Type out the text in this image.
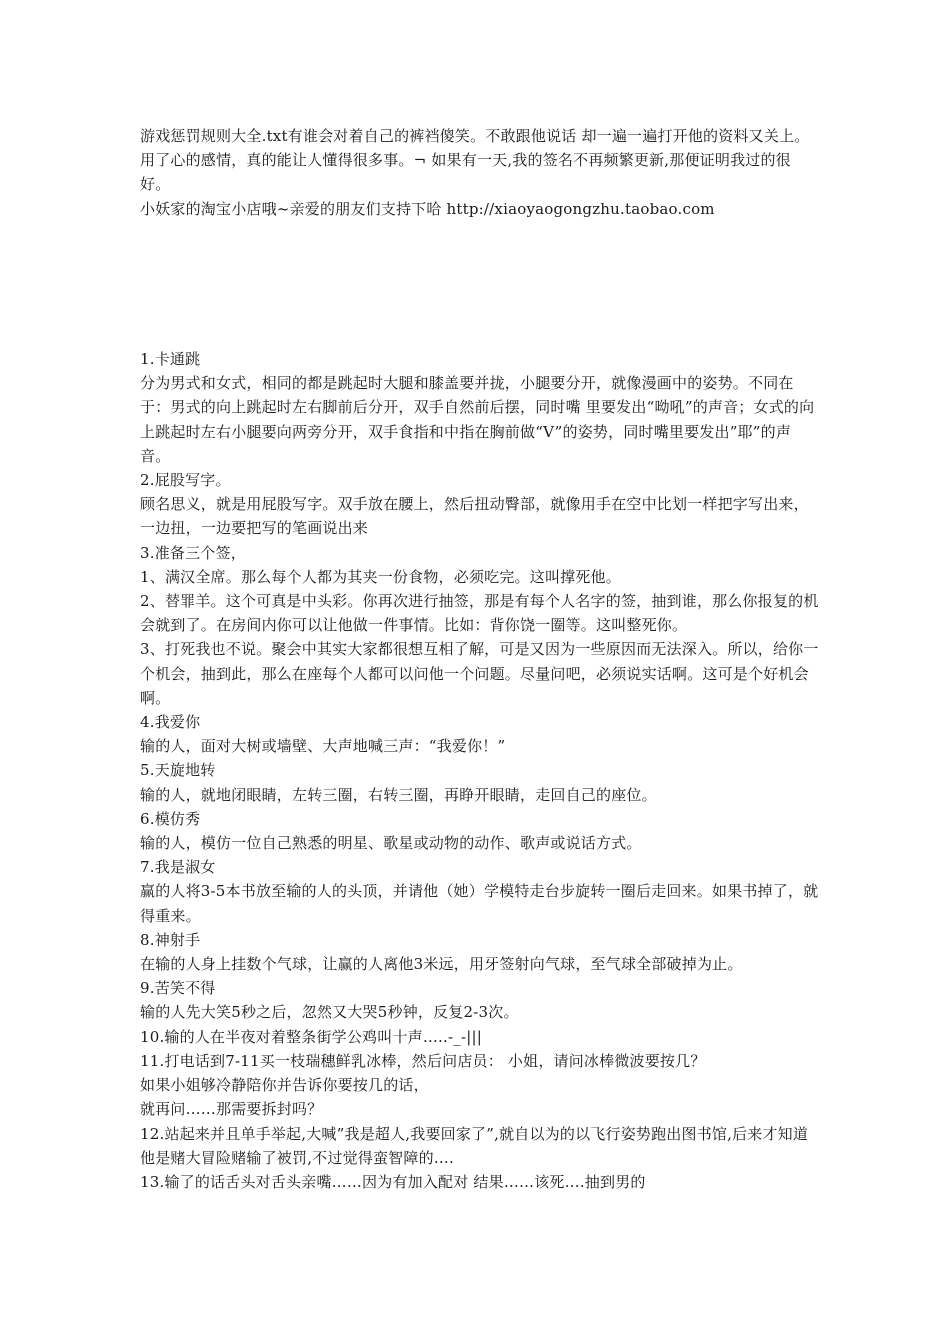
游戏惩罚规则大全.txt有谁会对着自己的裤裆傻笑。不敢跟他说话 却一遍一遍打开他的资料又关上。用了心的感情，真的能让人懂得很多事。¬ 如果有一天,我的签名不再频繁更新,那便证明我过的很好。
小妖家的淘宝小店哦~亲爱的朋友们支持下哈 http://xiaoyaogongzhu.taobao.com
1.卡通跳
分为男式和女式，相同的都是跳起时大腿和膝盖要并拢，小腿要分开，就像漫画中的姿势。不同在于：男式的向上跳起时左右脚前后分开，双手自然前后摆，同时嘴 里要发出“呦吼”的声音；女式的向上跳起时左右小腿要向两旁分开，双手食指和中指在胸前做“V”的姿势，同时嘴里要发出”耶”的声音。
2.屁股写字。
顾名思义，就是用屁股写字。双手放在腰上，然后扭动臀部，就像用手在空中比划一样把字写出来，一边扭，一边要把写的笔画说出来
3.准备三个签，
1、满汉全席。那么每个人都为其夹一份食物，必须吃完。这叫撑死他。
2、替罪羊。这个可真是中头彩。你再次进行抽签，那是有每个人名字的签，抽到谁，那么你报复的机会就到了。在房间内你可以让他做一件事情。比如：背你饶一圈等。这叫整死你。
3、打死我也不说。聚会中其实大家都很想互相了解，可是又因为一些原因而无法深入。所以，给你一个机会，抽到此，那么在座每个人都可以问他一个问题。尽量问吧，必须说实话啊。这可是个好机会啊。
4.我爱你
输的人，面对大树或墙壁、大声地喊三声：“我爱你！”
5.天旋地转
输的人，就地闭眼睛，左转三圈，右转三圈，再睁开眼睛，走回自己的座位。
6.模仿秀
输的人，模仿一位自己熟悉的明星、歌星或动物的动作、歌声或说话方式。
7.我是淑女
赢的人将3-5本书放至输的人的头顶，并请他（她）学模特走台步旋转一圈后走回来。如果书掉了，就得重来。
8.神射手
在输的人身上挂数个气球，让赢的人离他3米远，用牙签射向气球，至气球全部破掉为止。
9.苦笑不得
输的人先大笑5秒之后，忽然又大哭5秒钟，反复2-3次。
10.输的人在半夜对着整条街学公鸡叫十声…..-_-|||
11.打电话到7-11买一枝瑞穗鲜乳冰棒，然后问店员： 小姐，请问冰棒微波要按几？
如果小姐够冷静陪你并告诉你要按几的话，
就再问……那需要拆封吗？
12.站起来并且单手举起,大喊”我是超人,我要回家了”,就自以为的以飞行姿势跑出图书馆,后来才知道他是赌大冒险赌输了被罚,不过觉得蛮智障的….
13.输了的话舌头对舌头亲嘴……因为有加入配对 结果……该死….抽到男的
